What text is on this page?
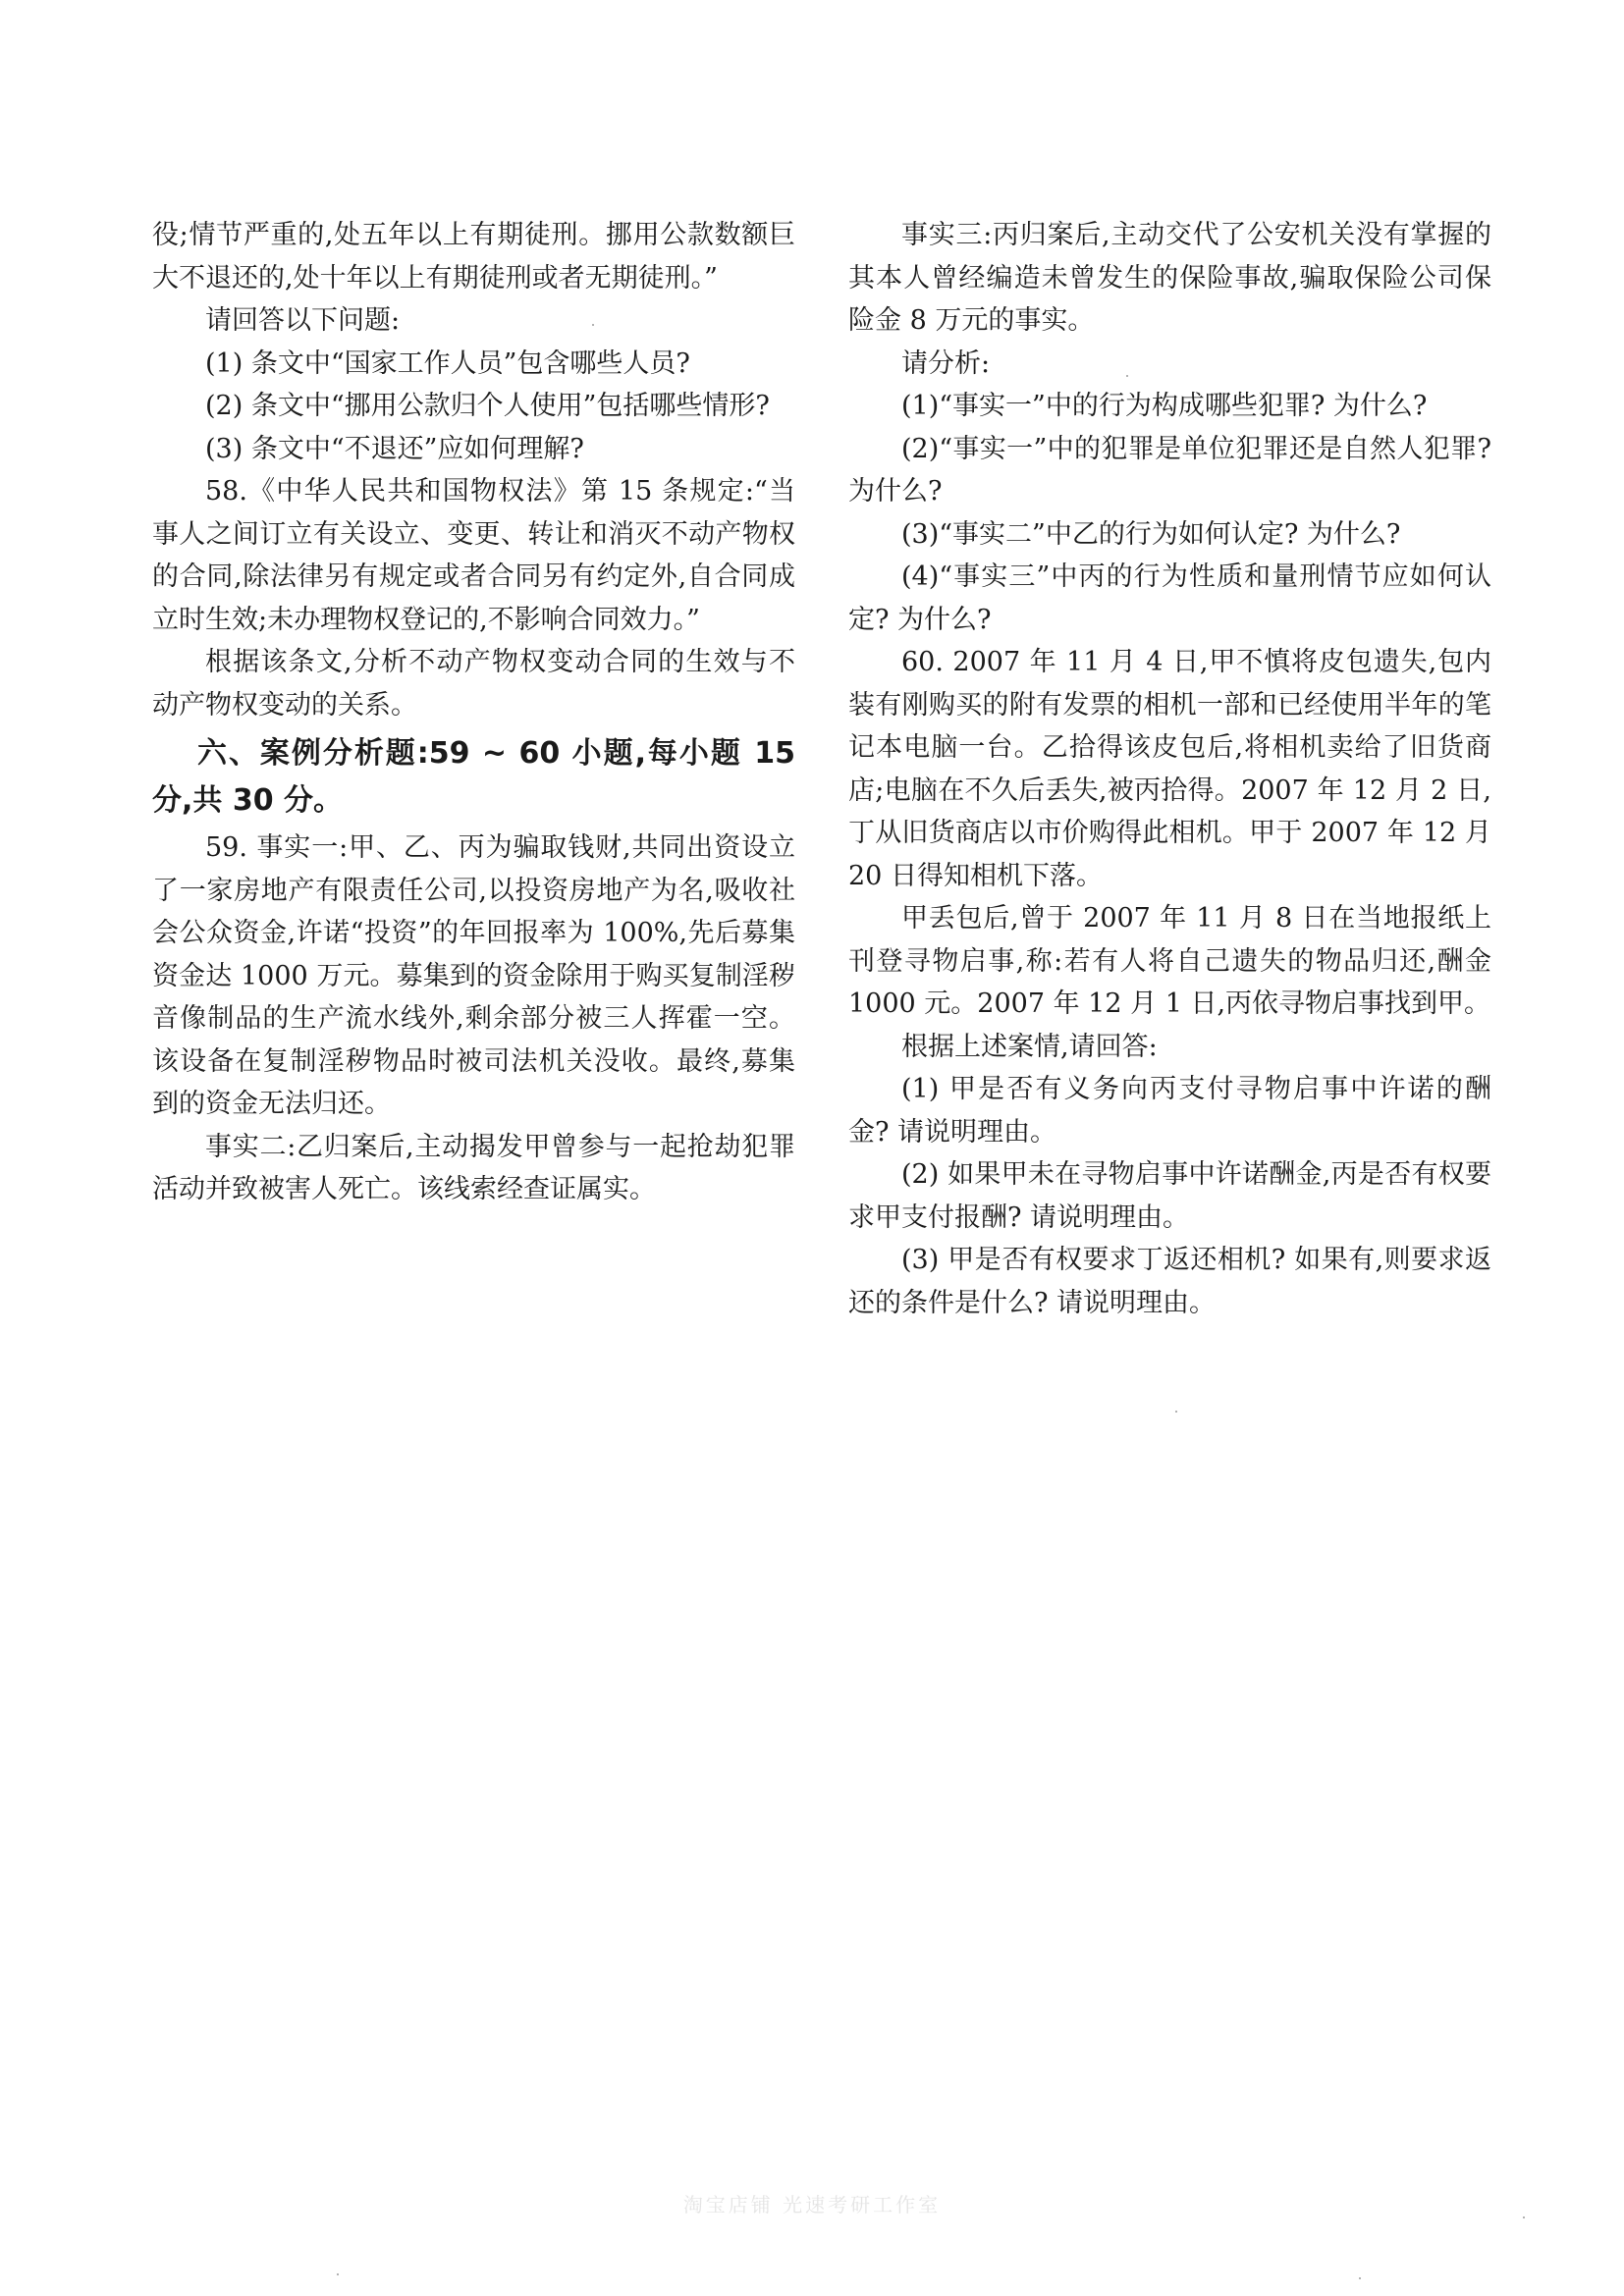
役;情节严重的,处五年以上有期徒刑。挪用公款数额巨大不退还的,处十年以上有期徒刑或者无期徒刑。”

请回答以下问题:

(1) 条文中“国家工作人员”包含哪些人员?

(2) 条文中“挪用公款归个人使用”包括哪些情形?

(3) 条文中“不退还”应如何理解?

58.《中华人民共和国物权法》第 15 条规定:“当事人之间订立有关设立、变更、转让和消灭不动产物权的合同,除法律另有规定或者合同另有约定外,自合同成立时生效;未办理物权登记的,不影响合同效力。”

根据该条文,分析不动产物权变动合同的生效与不动产物权变动的关系。

六、案例分析题:59 ~ 60 小题,每小题 15 分,共 30 分。

59. 事实一:甲、乙、丙为骗取钱财,共同出资设立了一家房地产有限责任公司,以投资房地产为名,吸收社会公众资金,许诺“投资”的年回报率为 100%,先后募集资金达 1000 万元。募集到的资金除用于购买复制淫秽音像制品的生产流水线外,剩余部分被三人挥霍一空。该设备在复制淫秽物品时被司法机关没收。最终,募集到的资金无法归还。

事实二:乙归案后,主动揭发甲曾参与一起抢劫犯罪活动并致被害人死亡。该线索经查证属实。

事实三:丙归案后,主动交代了公安机关没有掌握的其本人曾经编造未曾发生的保险事故,骗取保险公司保险金 8 万元的事实。

请分析:

(1)“事实一”中的行为构成哪些犯罪? 为什么?

(2)“事实一”中的犯罪是单位犯罪还是自然人犯罪? 为什么?

(3)“事实二”中乙的行为如何认定? 为什么?

(4)“事实三”中丙的行为性质和量刑情节应如何认定? 为什么?

60. 2007 年 11 月 4 日,甲不慎将皮包遗失,包内装有刚购买的附有发票的相机一部和已经使用半年的笔记本电脑一台。乙拾得该皮包后,将相机卖给了旧货商店;电脑在不久后丢失,被丙拾得。2007 年 12 月 2 日,丁从旧货商店以市价购得此相机。甲于 2007 年 12 月 20 日得知相机下落。

甲丢包后,曾于 2007 年 11 月 8 日在当地报纸上刊登寻物启事,称:若有人将自己遗失的物品归还,酬金 1000 元。2007 年 12 月 1 日,丙依寻物启事找到甲。

根据上述案情,请回答:

(1) 甲是否有义务向丙支付寻物启事中许诺的酬金? 请说明理由。

(2) 如果甲未在寻物启事中许诺酬金,丙是否有权要求甲支付报酬? 请说明理由。

(3) 甲是否有权要求丁返还相机? 如果有,则要求返还的条件是什么? 请说明理由。

淘宝店铺 光速考研工作室
